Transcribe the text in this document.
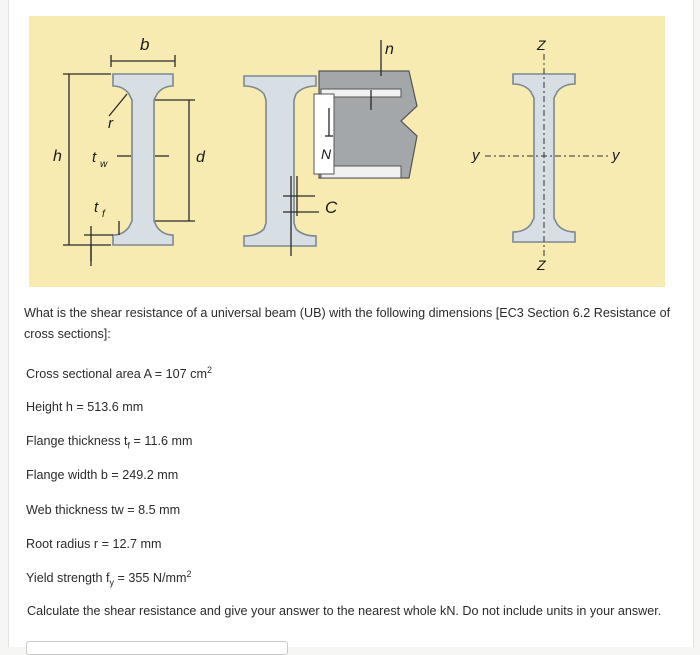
b
r
h t w	d
t f
N
n
C
Z
Z
y	y
What is the shear resistance of a universal beam (UB) with the following dimensions [EC3 Section 6.2 Resistance of cross sections]:
Cross sectional area A = 107 $cm^2$
Height h = 513.6 mm
Flange thickness $t_f = 11.6$ mm
Flange width b = 249.2 mm
Web thickness tw = 8.5 mm
Root radius r = 12.7 mm
Yield strength $f_y = 355$ $N/mm^2$
Calculate the shear resistance and give your answer to the nearest whole kN. Do not include units in your answer.
